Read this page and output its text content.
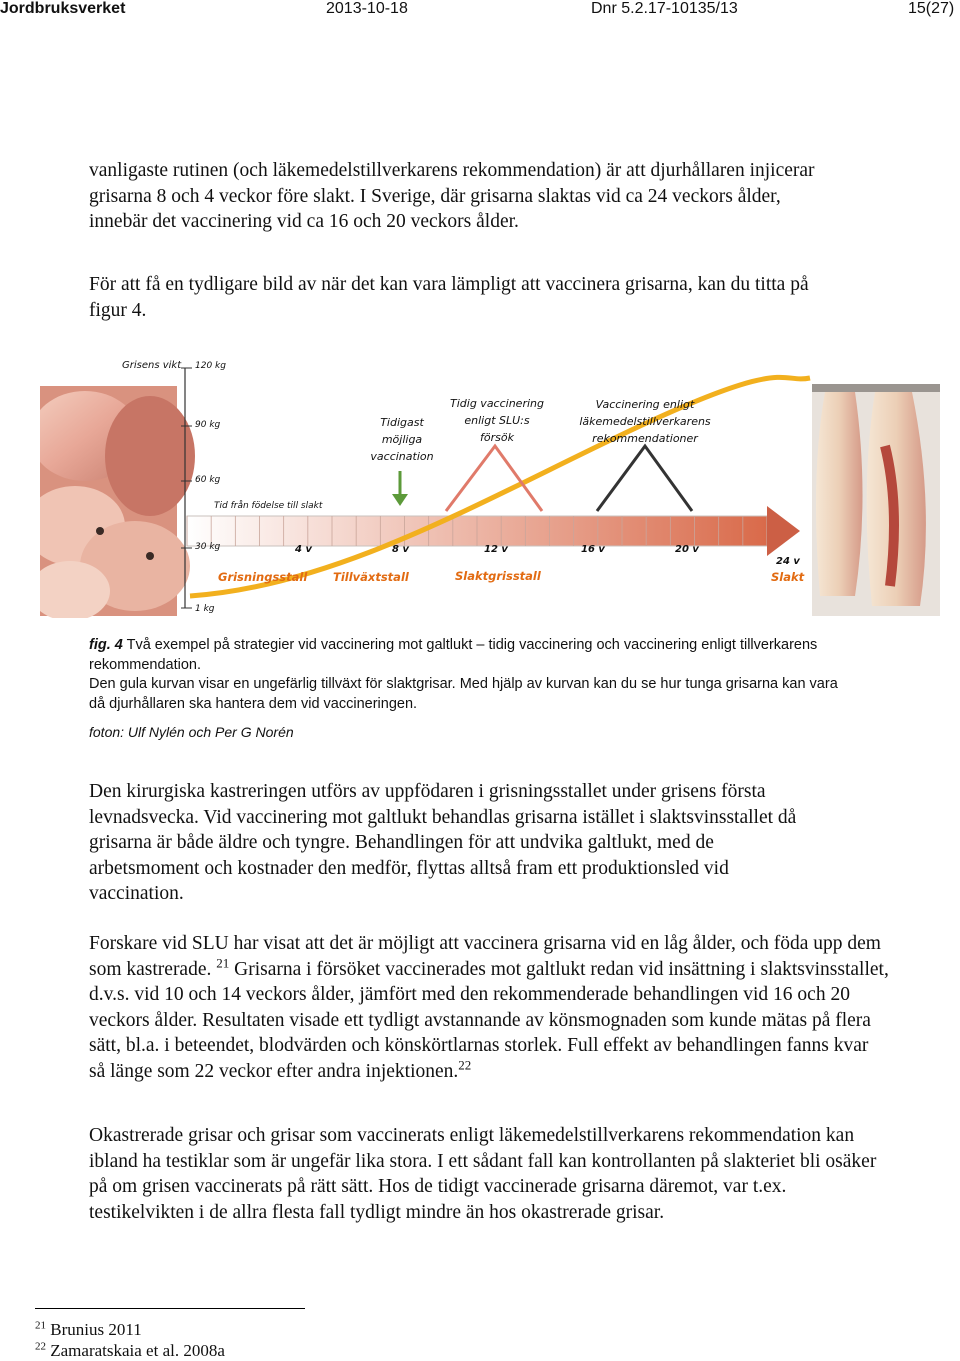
Jordbruksverket	2013-10-18	Dnr 5.2.17-10135/13	15(27)

vanligaste rutinen (och läkemedelstillverkarens rekommendation) är att djurhållaren injicerar grisarna 8 och 4 veckor före slakt. I Sverige, där grisarna slaktas vid ca 24 veckors ålder, innebär det vaccinering vid ca 16 och 20 veckors ålder.

För att få en tydligare bild av när det kan vara lämpligt att vaccinera grisarna, kan du titta på figur 4.

Grisens vikt 120 kg
90 kg
60 kg
30 kg
1 kg
Tid från födelse till slakt
4 v	8 v	12 v	16 v	20 v
24 v
Grisningsstall Tillväxtstall	Slaktgrisstall	Slakt
Tidigast
möjliga
vaccination
Tidig vaccinering
enligt SLU:s
försök
Vaccinering enligt
läkemedelstillverkarens
rekommendationer
fig. 4 Två exempel på strategier vid vaccinering mot galtlukt – tidig vaccinering och vaccinering enligt tillverkarens rekommendation.
Den gula kurvan visar en ungefärlig tillväxt för slaktgrisar. Med hjälp av kurvan kan du se hur tunga grisarna kan vara då djurhållaren ska hantera dem vid vaccineringen.
foton: Ulf Nylén och Per G Norén

Den kirurgiska kastreringen utförs av uppfödaren i grisningsstallet under grisens första levnadsvecka. Vid vaccinering mot galtlukt behandlas grisarna istället i slaktsvinsstallet då grisarna är både äldre och tyngre. Behandlingen för att undvika galtlukt, med de arbetsmoment och kostnader den medför, flyttas alltså fram ett produktionsled vid vaccination.

Forskare vid SLU har visat att det är möjligt att vaccinera grisarna vid en låg ålder, och föda upp dem som kastrerade. $^{21}$ Grisarna i försöket vaccinerades mot galtlukt redan vid insättning i slaktsvinsstallet, d.v.s. vid 10 och 14 veckors ålder, jämfört med den rekommenderade behandlingen vid 16 och 20 veckors ålder. Resultaten visade ett tydligt avstannande av könsmognaden som kunde mätas på flera sätt, bl.a. i beteendet, blodvärden och könskörtlarnas storlek. Full effekt av behandlingen fanns kvar så länge som 22 veckor efter andra injektionen.$^{22}$

Okastrerade grisar och grisar som vaccinerats enligt läkemedelstillverkarens rekommendation kan ibland ha testiklar som är ungefär lika stora. I ett sådant fall kan kontrollanten på slakteriet bli osäker på om grisen vaccinerats på rätt sätt. Hos de tidigt vaccinerade grisarna däremot, var t.ex. testikelvikten i de allra flesta fall tydligt mindre än hos okastrerade grisar.

$^{21}$ Brunius 2011
$^{22}$ Zamaratskaia et al. 2008a
